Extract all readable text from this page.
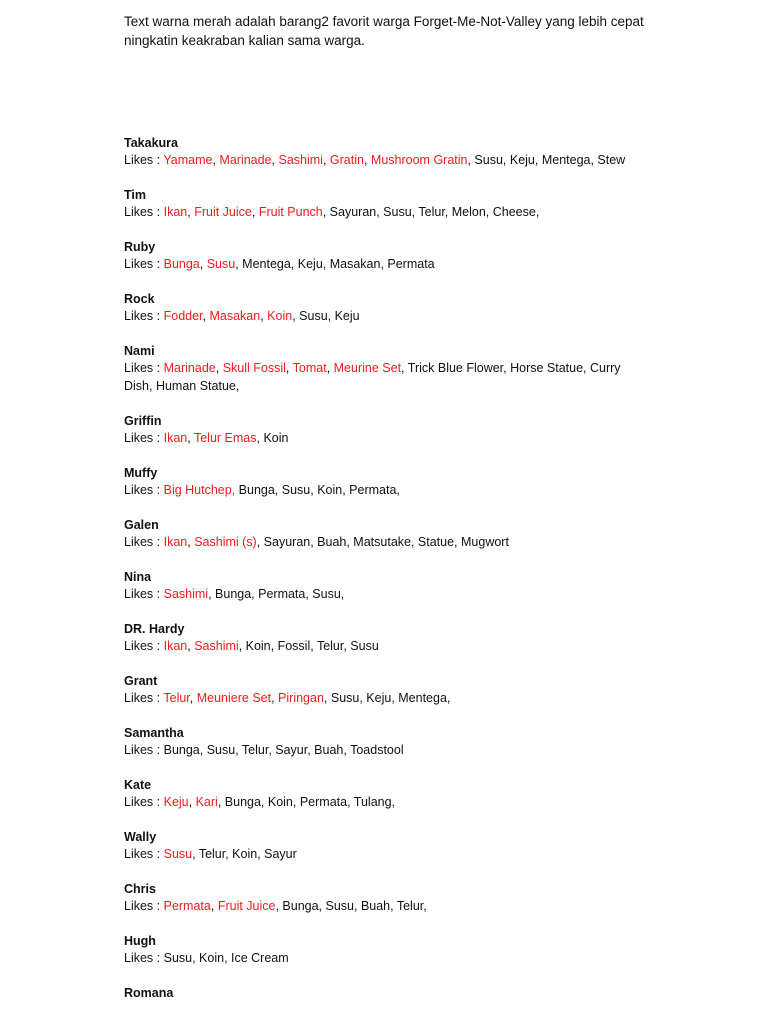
Text warna merah adalah barang2 favorit warga Forget-Me-Not-Valley yang lebih cepat ningkatin keakraban kalian sama warga.

Takakura
Likes : Yamame, Marinade, Sashimi, Gratin, Mushroom Gratin, Susu, Keju, Mentega, Stew
Tim
Likes : Ikan, Fruit Juice, Fruit Punch, Sayuran, Susu, Telur, Melon, Cheese,
Ruby
Likes : Bunga, Susu, Mentega, Keju, Masakan, Permata
Rock
Likes : Fodder, Masakan, Koin, Susu, Keju
Nami
Likes : Marinade, Skull Fossil, Tomat, Meurine Set, Trick Blue Flower, Horse Statue, Curry Dish, Human Statue,
Griffin
Likes : Ikan, Telur Emas, Koin
Muffy
Likes : Big Hutchep, Bunga, Susu, Koin, Permata,
Galen
Likes : Ikan, Sashimi (s), Sayuran, Buah, Matsutake, Statue, Mugwort
Nina
Likes : Sashimi, Bunga, Permata, Susu,
DR. Hardy
Likes : Ikan, Sashimi, Koin, Fossil, Telur, Susu
Grant
Likes : Telur, Meuniere Set, Piringan, Susu, Keju, Mentega,
Samantha
Likes : Bunga, Susu, Telur, Sayur, Buah, Toadstool
Kate
Likes : Keju, Kari, Bunga, Koin, Permata, Tulang,
Wally
Likes : Susu, Telur, Koin, Sayur
Chris
Likes : Permata, Fruit Juice, Bunga, Susu, Buah, Telur,
Hugh
Likes : Susu, Koin, Ice Cream
Romana
